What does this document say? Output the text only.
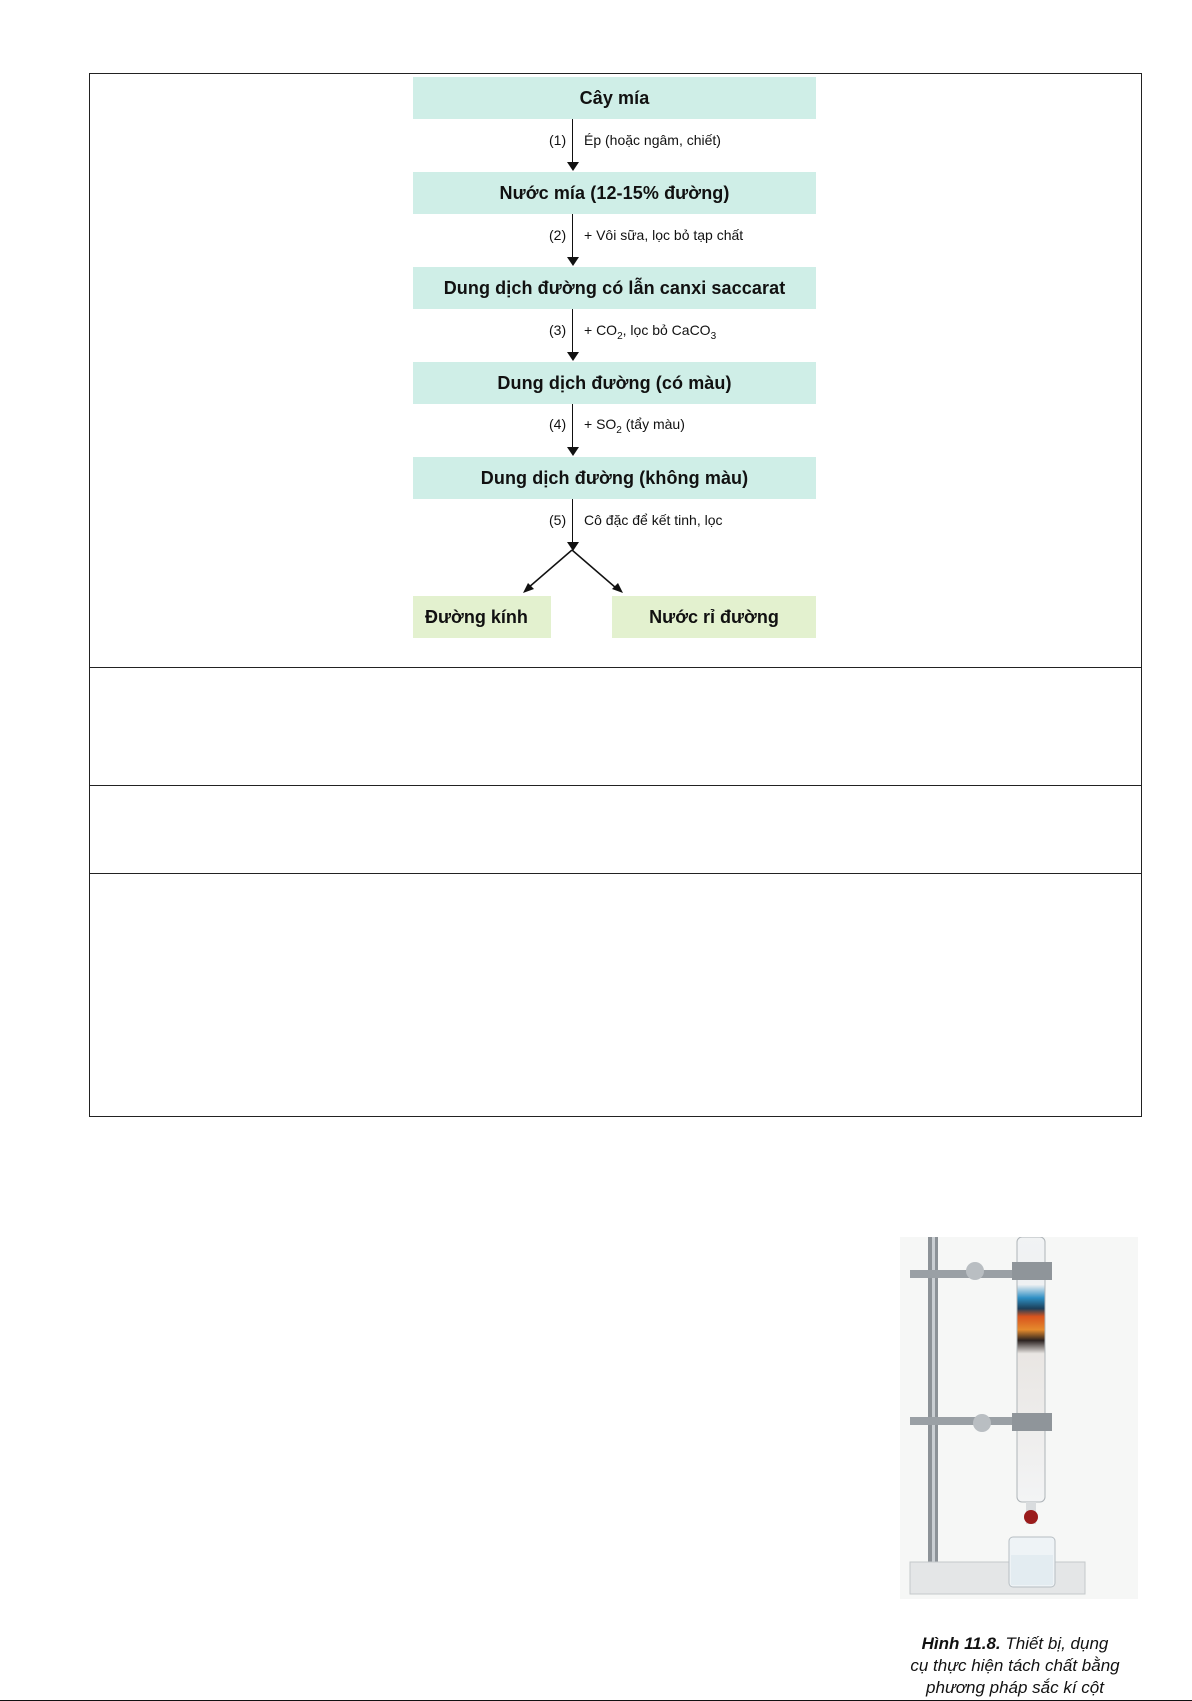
Cây mía
Nước mía (12-15% đường)
Dung dịch đường có lẫn canxi saccarat
Dung dịch đường (có màu)
Dung dịch đường (không màu)
(1) Ép (hoặc ngâm, chiết)
(2) + Vôi sữa, lọc bỏ tạp chất
$(3) + CO_2$, lọc bỏ CaCO$_3$
$(4) + SO_2$ (tẩy màu)
(5) Cô đặc để kết tinh, lọc
Đường kính	Nước rỉ đường
Hình 11.8. Thiết bị, dụng
cụ thực hiện tách chất bằng
phương pháp sắc kí cột
